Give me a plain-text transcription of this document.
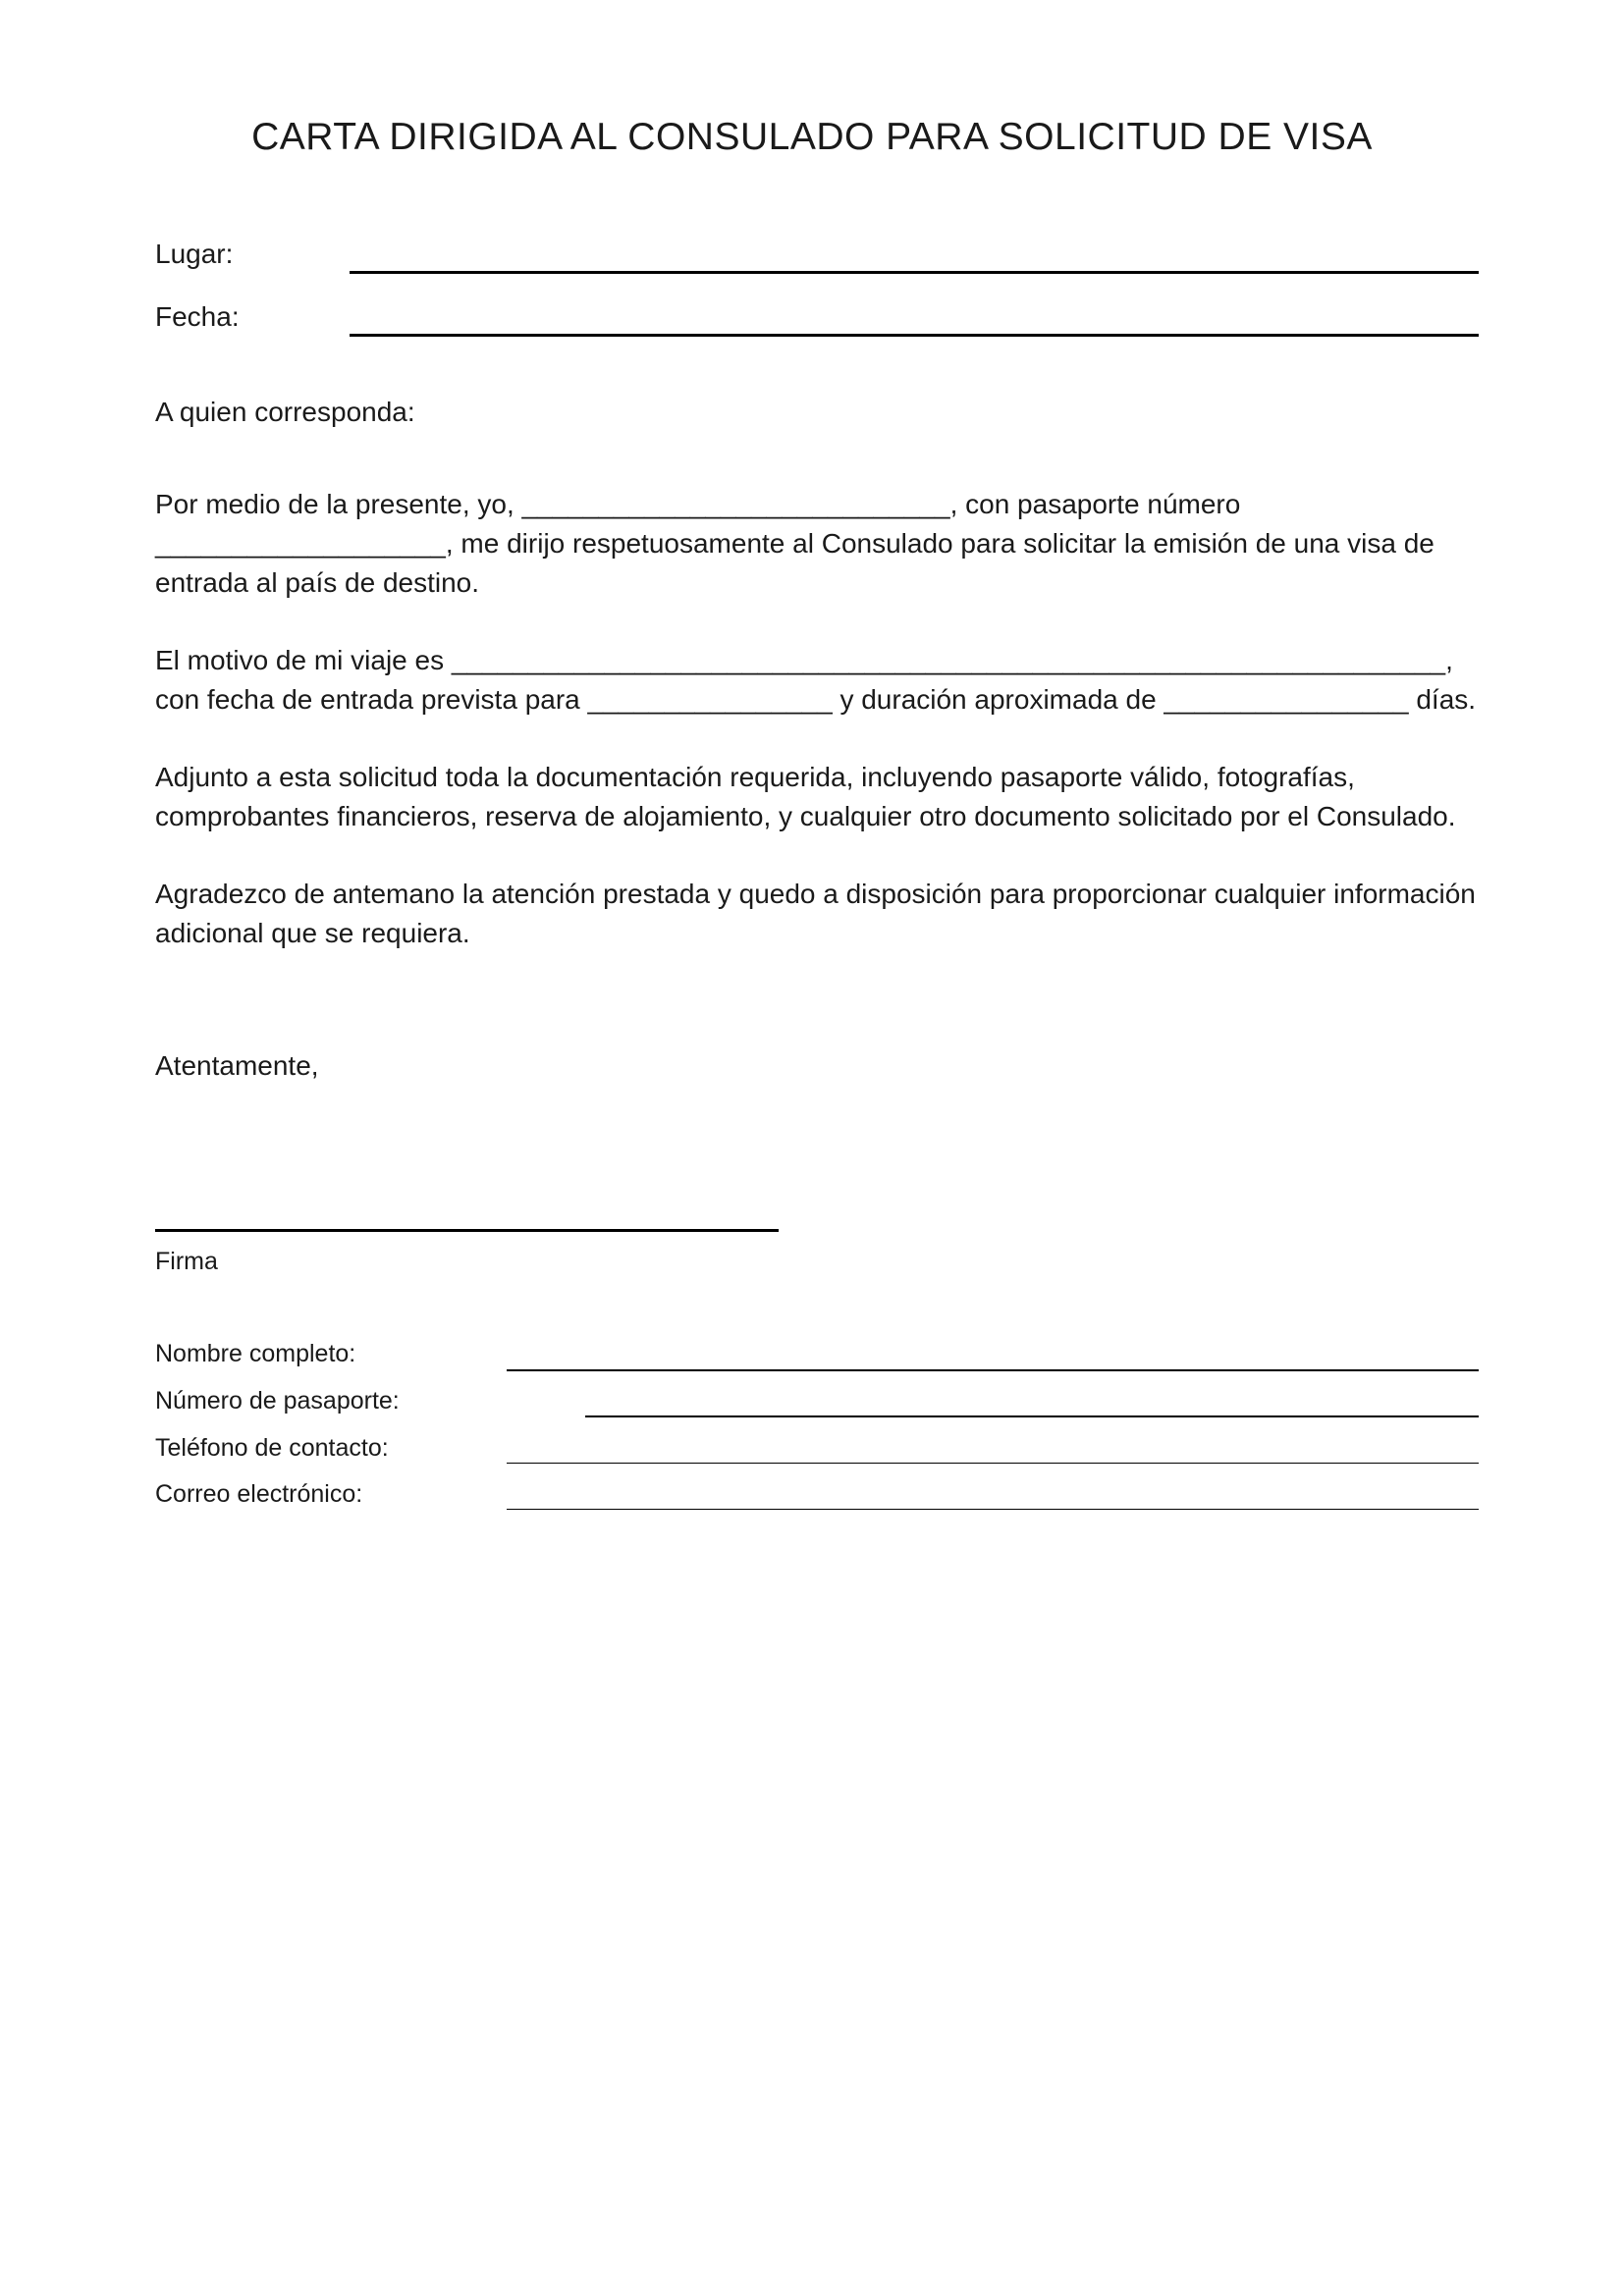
CARTA DIRIGIDA AL CONSULADO PARA SOLICITUD DE VISA
Lugar:
Fecha:
A quien corresponda:
Por medio de la presente, yo, ____________________________, con pasaporte número
___________________, me dirijo respetuosamente al Consulado para solicitar la emisión de una visa de
entrada al país de destino.
El motivo de mi viaje es _________________________________________________________________,
con fecha de entrada prevista para ________________ y duración aproximada de ________________ días.
Adjunto a esta solicitud toda la documentación requerida, incluyendo pasaporte válido, fotografías,
comprobantes financieros, reserva de alojamiento, y cualquier otro documento solicitado por el Consulado.
Agradezco de antemano la atención prestada y quedo a disposición para proporcionar cualquier información
adicional que se requiera.
Atentamente,
Firma
Nombre completo:
Número de pasaporte:
Teléfono de contacto:
Correo electrónico:
